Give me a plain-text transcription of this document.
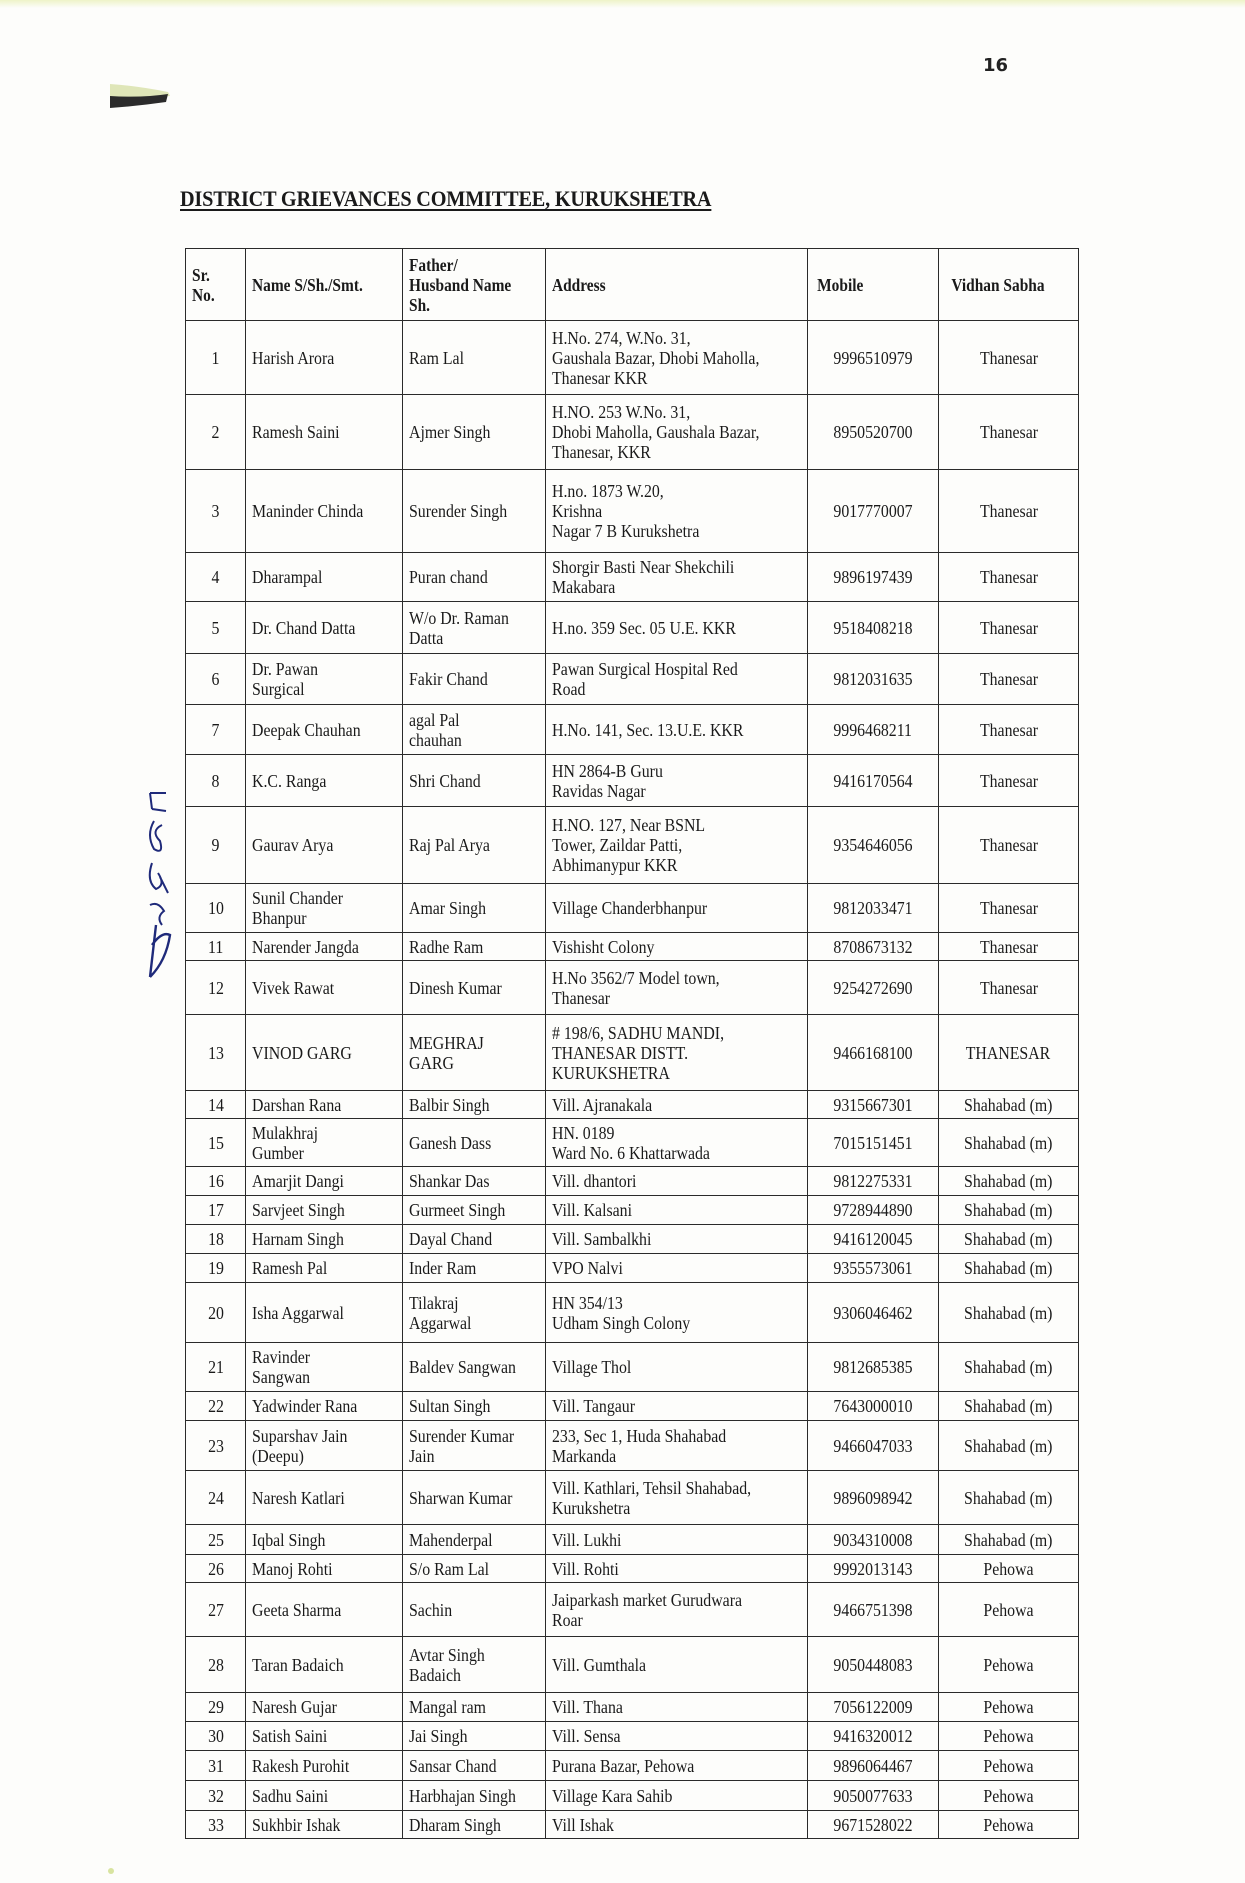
16
DISTRICT GRIEVANCES COMMITTEE, KURUKSHETRA
Sr.
No.	Name S/Sh./Smt.	Father/
Husband Name
Sh.	Address	Mobile	Vidhan Sabha
1	Harish Arora	Ram Lal	H.No. 274, W.No. 31,
Gaushala Bazar, Dhobi Maholla,
Thanesar KKR	9996510979	Thanesar
2	Ramesh Saini	Ajmer Singh	H.NO. 253 W.No. 31,
Dhobi Maholla, Gaushala Bazar,
Thanesar, KKR	8950520700	Thanesar
3	Maninder Chinda	Surender Singh	H.no. 1873 W.20,
Krishna
Nagar 7 B Kurukshetra	9017770007	Thanesar
4	Dharampal	Puran chand	Shorgir Basti Near Shekchili
Makabara	9896197439	Thanesar
5	Dr. Chand Datta	W/o Dr. Raman
Datta	H.no. 359 Sec. 05 U.E. KKR	9518408218	Thanesar
6	Dr. Pawan
Surgical	Fakir Chand	Pawan Surgical Hospital Red
Road	9812031635	Thanesar
7	Deepak Chauhan	agal Pal
chauhan	H.No. 141, Sec. 13.U.E. KKR	9996468211	Thanesar
8	K.C. Ranga	Shri Chand	HN 2864-B Guru
Ravidas Nagar	9416170564	Thanesar
9	Gaurav Arya	Raj Pal Arya	H.NO. 127, Near BSNL
Tower, Zaildar Patti,
Abhimanypur KKR	9354646056	Thanesar
10	Sunil Chander
Bhanpur	Amar Singh	Village Chanderbhanpur	9812033471	Thanesar
11	Narender Jangda	Radhe Ram	Vishisht Colony	8708673132	Thanesar
12	Vivek Rawat	Dinesh Kumar	H.No 3562/7 Model town,
Thanesar	9254272690	Thanesar
13	VINOD GARG	MEGHRAJ
GARG	# 198/6, SADHU MANDI,
THANESAR DISTT.
KURUKSHETRA	9466168100	THANESAR
14	Darshan Rana	Balbir Singh	Vill. Ajranakala	9315667301	Shahabad (m)
15	Mulakhraj
Gumber	Ganesh Dass	HN. 0189
Ward No. 6 Khattarwada	7015151451	Shahabad (m)
16	Amarjit Dangi	Shankar Das	Vill. dhantori	9812275331	Shahabad (m)
17	Sarvjeet Singh	Gurmeet Singh	Vill. Kalsani	9728944890	Shahabad (m)
18	Harnam Singh	Dayal Chand	Vill. Sambalkhi	9416120045	Shahabad (m)
19	Ramesh Pal	Inder Ram	VPO Nalvi	9355573061	Shahabad (m)
20	Isha Aggarwal	Tilakraj
Aggarwal	HN 354/13
Udham Singh Colony	9306046462	Shahabad (m)
21	Ravinder
Sangwan	Baldev Sangwan	Village Thol	9812685385	Shahabad (m)
22	Yadwinder Rana	Sultan Singh	Vill. Tangaur	7643000010	Shahabad (m)
23	Suparshav Jain
(Deepu)	Surender Kumar
Jain	233, Sec 1, Huda Shahabad
Markanda	9466047033	Shahabad (m)
24	Naresh Katlari	Sharwan Kumar	Vill. Kathlari, Tehsil Shahabad,
Kurukshetra	9896098942	Shahabad (m)
25	Iqbal Singh	Mahenderpal	Vill. Lukhi	9034310008	Shahabad (m)
26	Manoj Rohti	S/o Ram Lal	Vill. Rohti	9992013143	Pehowa
27	Geeta Sharma	Sachin	Jaiparkash market Gurudwara
Roar	9466751398	Pehowa
28	Taran Badaich	Avtar Singh
Badaich	Vill. Gumthala	9050448083	Pehowa
29	Naresh Gujar	Mangal ram	Vill. Thana	7056122009	Pehowa
30	Satish Saini	Jai Singh	Vill. Sensa	9416320012	Pehowa
31	Rakesh Purohit	Sansar Chand	Purana Bazar, Pehowa	9896064467	Pehowa
32	Sadhu Saini	Harbhajan Singh	Village Kara Sahib	9050077633	Pehowa
33	Sukhbir Ishak	Dharam Singh	Vill Ishak	9671528022	Pehowa
